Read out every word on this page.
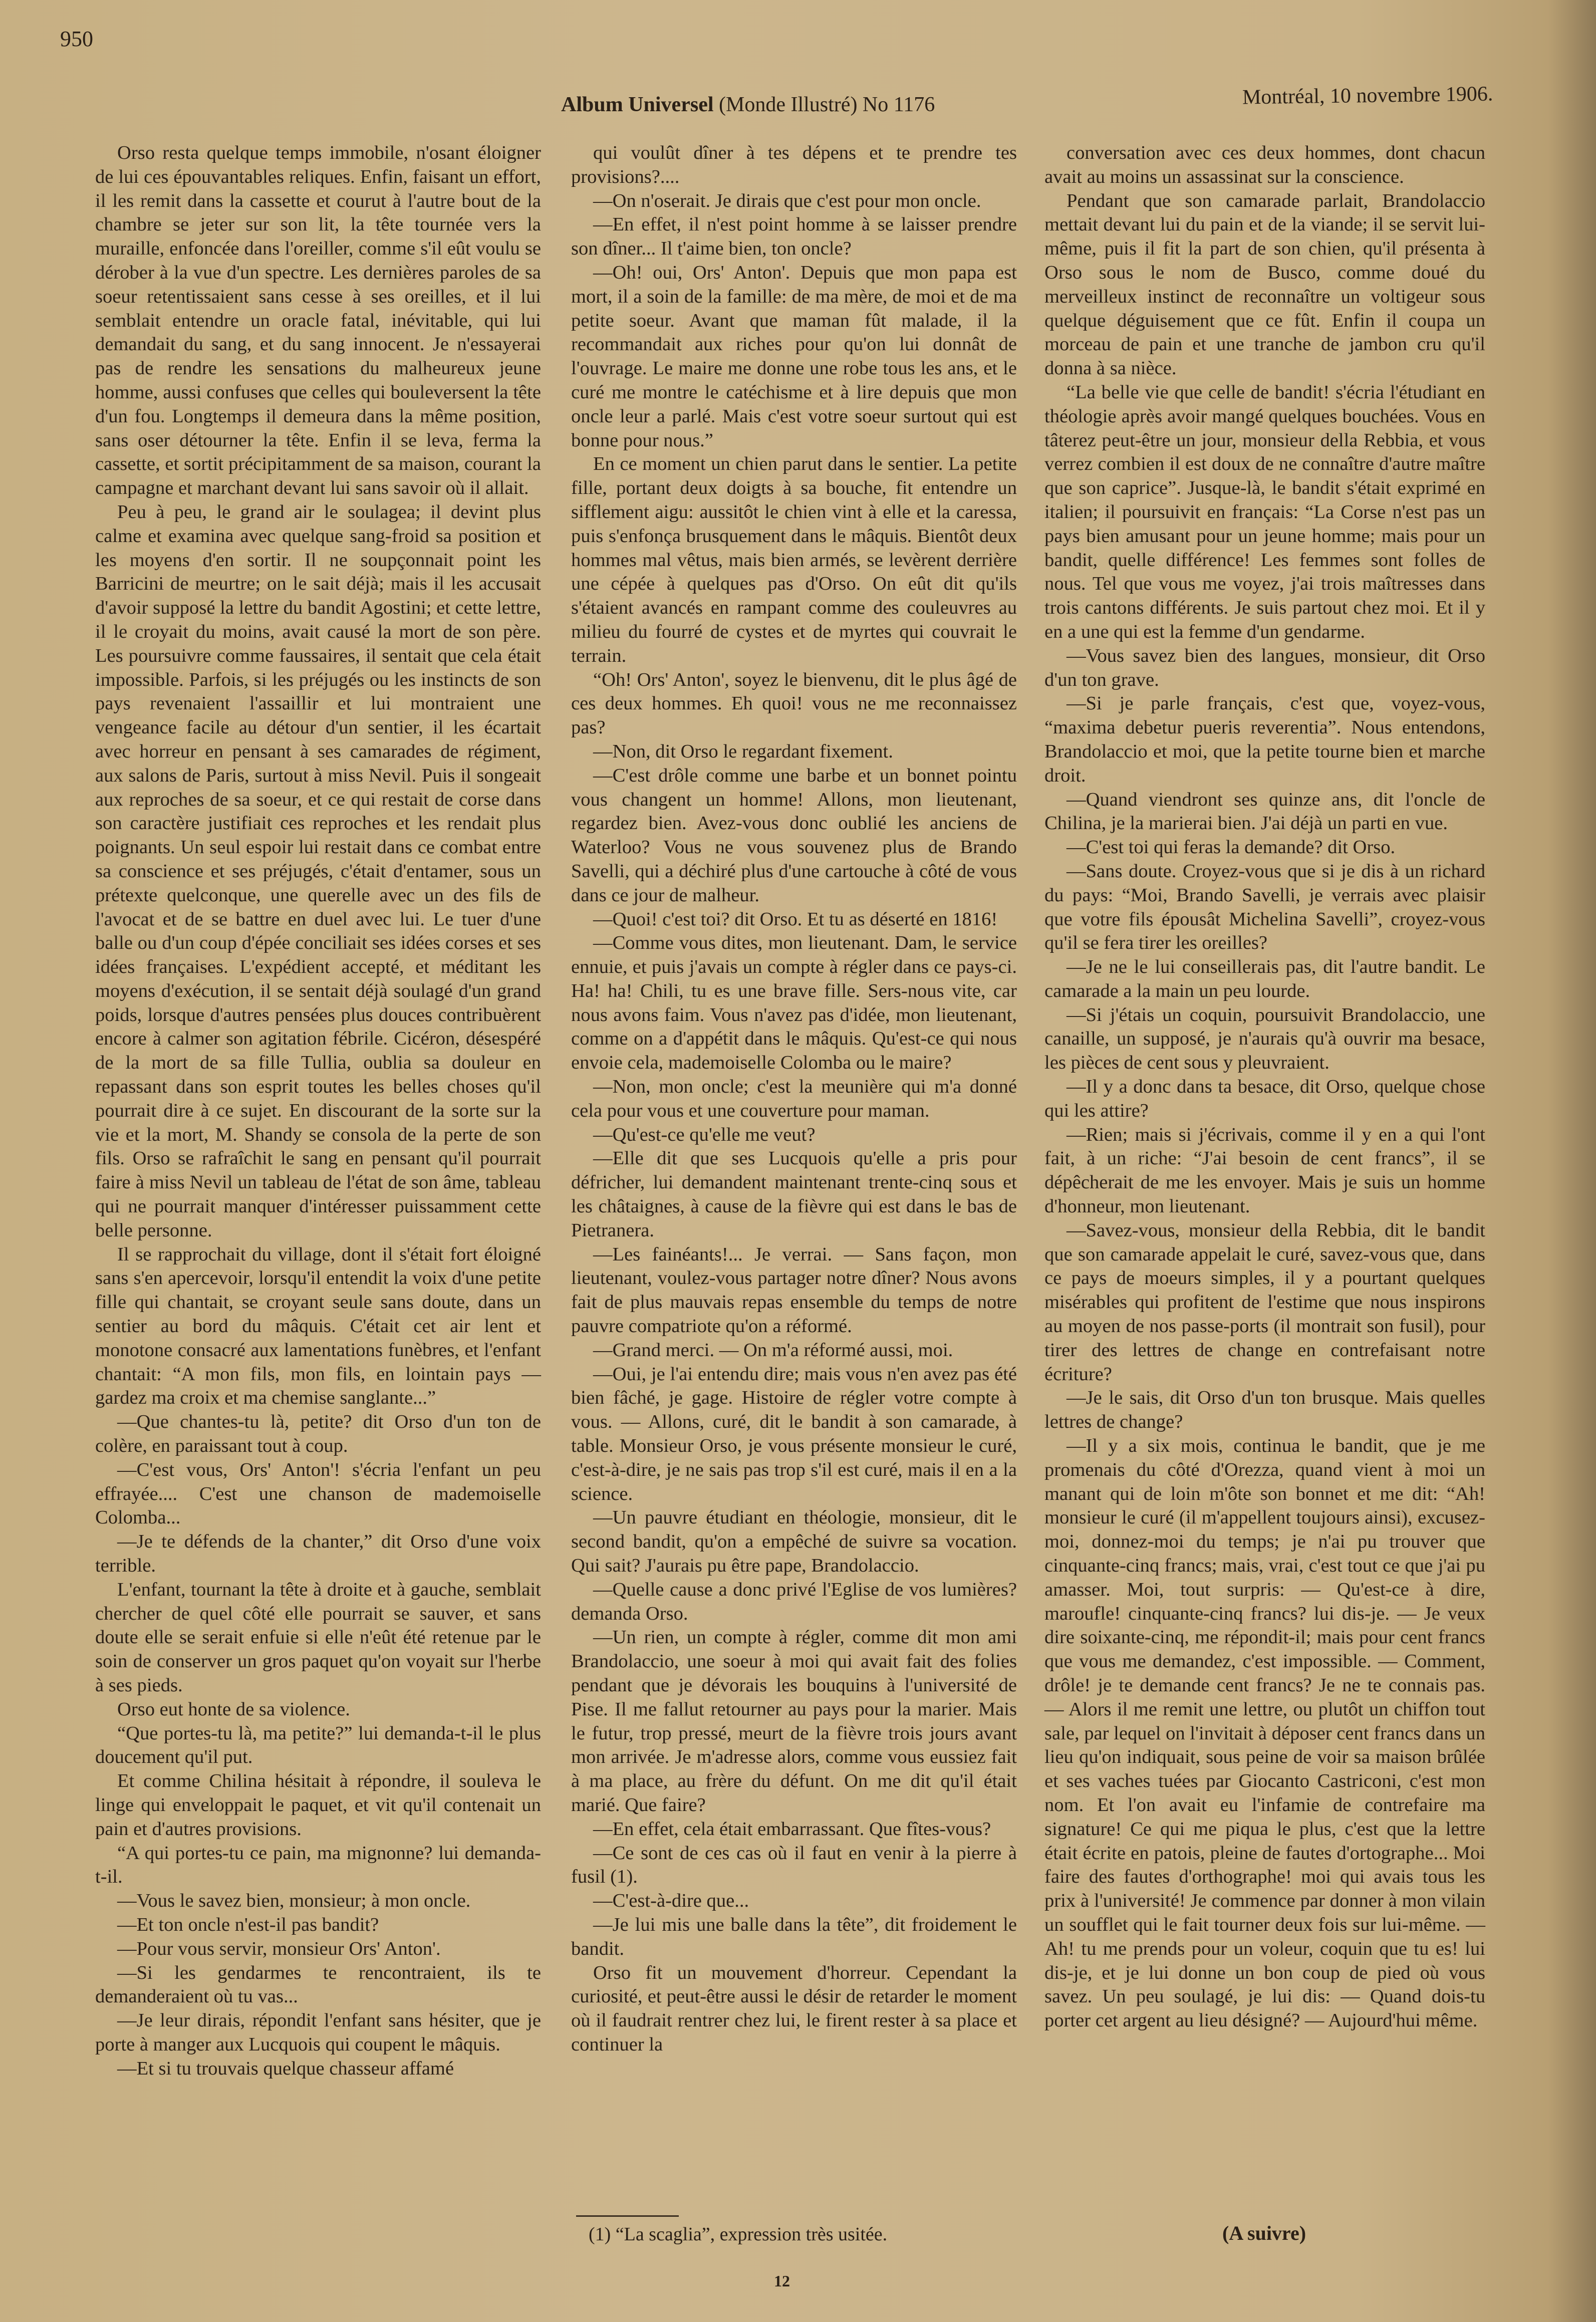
950
Album Universel (Monde Illustré) No 1176	Montréal, 10 novembre 1906.

Orso resta quelque temps immobile, n'osant éloigner de lui ces épouvantables reliques. Enfin, faisant un effort, il les remit dans la cassette et courut à l'autre bout de la chambre se jeter sur son lit, la tête tournée vers la muraille, enfoncée dans l'oreiller, comme s'il eût voulu se dérober à la vue d'un spectre. Les dernières paroles de sa soeur retentissaient sans cesse à ses oreilles, et il lui semblait entendre un oracle fatal, inévitable, qui lui demandait du sang, et du sang innocent. Je n'essayerai pas de rendre les sensations du malheureux jeune homme, aussi confuses que celles qui bouleversent la tête d'un fou. Longtemps il demeura dans la même position, sans oser détourner la tête. Enfin il se leva, ferma la cassette, et sortit précipitamment de sa maison, courant la campagne et marchant devant lui sans savoir où il allait.

Peu à peu, le grand air le soulagea; il devint plus calme et examina avec quelque sang-froid sa position et les moyens d'en sortir. Il ne soupçonnait point les Barricini de meurtre; on le sait déjà; mais il les accusait d'avoir supposé la lettre du bandit Agostini; et cette lettre, il le croyait du moins, avait causé la mort de son père. Les poursuivre comme faussaires, il sentait que cela était impossible. Parfois, si les préjugés ou les instincts de son pays revenaient l'assaillir et lui montraient une vengeance facile au détour d'un sentier, il les écartait avec horreur en pensant à ses camarades de régiment, aux salons de Paris, surtout à miss Nevil. Puis il songeait aux reproches de sa soeur, et ce qui restait de corse dans son caractère justifiait ces reproches et les rendait plus poignants. Un seul espoir lui restait dans ce combat entre sa conscience et ses préjugés, c'était d'entamer, sous un prétexte quelconque, une querelle avec un des fils de l'avocat et de se battre en duel avec lui. Le tuer d'une balle ou d'un coup d'épée conciliait ses idées corses et ses idées françaises. L'expédient accepté, et méditant les moyens d'exécution, il se sentait déjà soulagé d'un grand poids, lorsque d'autres pensées plus douces contribuèrent encore à calmer son agitation fébrile. Cicéron, désespéré de la mort de sa fille Tullia, oublia sa douleur en repassant dans son esprit toutes les belles choses qu'il pourrait dire à ce sujet. En discourant de la sorte sur la vie et la mort, M. Shandy se consola de la perte de son fils. Orso se rafraîchit le sang en pensant qu'il pourrait faire à miss Nevil un tableau de l'état de son âme, tableau qui ne pourrait manquer d'intéresser puissamment cette belle personne.

Il se rapprochait du village, dont il s'était fort éloigné sans s'en apercevoir, lorsqu'il entendit la voix d'une petite fille qui chantait, se croyant seule sans doute, dans un sentier au bord du mâquis. C'était cet air lent et monotone consacré aux lamentations funèbres, et l'enfant chantait: “A mon fils, mon fils, en lointain pays — gardez ma croix et ma chemise sanglante...”

—Que chantes-tu là, petite? dit Orso d'un ton de colère, en paraissant tout à coup.

—C'est vous, Ors' Anton'! s'écria l'enfant un peu effrayée.... C'est une chanson de mademoiselle Colomba...

—Je te défends de la chanter,” dit Orso d'une voix terrible.

L'enfant, tournant la tête à droite et à gauche, semblait chercher de quel côté elle pourrait se sauver, et sans doute elle se serait enfuie si elle n'eût été retenue par le soin de conserver un gros paquet qu'on voyait sur l'herbe à ses pieds.

Orso eut honte de sa violence.

“Que portes-tu là, ma petite?” lui demanda-t-il le plus doucement qu'il put.

Et comme Chilina hésitait à répondre, il souleva le linge qui enveloppait le paquet, et vit qu'il contenait un pain et d'autres provisions.

“A qui portes-tu ce pain, ma mignonne? lui demanda-t-il.

—Vous le savez bien, monsieur; à mon oncle.

—Et ton oncle n'est-il pas bandit?

—Pour vous servir, monsieur Ors' Anton'.

—Si les gendarmes te rencontraient, ils te demanderaient où tu vas...

—Je leur dirais, répondit l'enfant sans hésiter, que je porte à manger aux Lucquois qui coupent le mâquis.

—Et si tu trouvais quelque chasseur affamé

qui voulût dîner à tes dépens et te prendre tes provisions?....

—On n'oserait. Je dirais que c'est pour mon oncle.

—En effet, il n'est point homme à se laisser prendre son dîner... Il t'aime bien, ton oncle?

—Oh! oui, Ors' Anton'. Depuis que mon papa est mort, il a soin de la famille: de ma mère, de moi et de ma petite soeur. Avant que maman fût malade, il la recommandait aux riches pour qu'on lui donnât de l'ouvrage. Le maire me donne une robe tous les ans, et le curé me montre le catéchisme et à lire depuis que mon oncle leur a parlé. Mais c'est votre soeur surtout qui est bonne pour nous.”

En ce moment un chien parut dans le sentier. La petite fille, portant deux doigts à sa bouche, fit entendre un sifflement aigu: aussitôt le chien vint à elle et la caressa, puis s'enfonça brusquement dans le mâquis. Bientôt deux hommes mal vêtus, mais bien armés, se levèrent derrière une cépée à quelques pas d'Orso. On eût dit qu'ils s'étaient avancés en rampant comme des couleuvres au milieu du fourré de cystes et de myrtes qui couvrait le terrain.

“Oh! Ors' Anton', soyez le bienvenu, dit le plus âgé de ces deux hommes. Eh quoi! vous ne me reconnaissez pas?

—Non, dit Orso le regardant fixement.

—C'est drôle comme une barbe et un bonnet pointu vous changent un homme! Allons, mon lieutenant, regardez bien. Avez-vous donc oublié les anciens de Waterloo? Vous ne vous souvenez plus de Brando Savelli, qui a déchiré plus d'une cartouche à côté de vous dans ce jour de malheur.

—Quoi! c'est toi? dit Orso. Et tu as déserté en 1816!

—Comme vous dites, mon lieutenant. Dam, le service ennuie, et puis j'avais un compte à régler dans ce pays-ci. Ha! ha! Chili, tu es une brave fille. Sers-nous vite, car nous avons faim. Vous n'avez pas d'idée, mon lieutenant, comme on a d'appétit dans le mâquis. Qu'est-ce qui nous envoie cela, mademoiselle Colomba ou le maire?

—Non, mon oncle; c'est la meunière qui m'a donné cela pour vous et une couverture pour maman.

—Qu'est-ce qu'elle me veut?

—Elle dit que ses Lucquois qu'elle a pris pour défricher, lui demandent maintenant trente-cinq sous et les châtaignes, à cause de la fièvre qui est dans le bas de Pietranera.

—Les fainéants!... Je verrai. — Sans façon, mon lieutenant, voulez-vous partager notre dîner? Nous avons fait de plus mauvais repas ensemble du temps de notre pauvre compatriote qu'on a réformé.

—Grand merci. — On m'a réformé aussi, moi.

—Oui, je l'ai entendu dire; mais vous n'en avez pas été bien fâché, je gage. Histoire de régler votre compte à vous. — Allons, curé, dit le bandit à son camarade, à table. Monsieur Orso, je vous présente monsieur le curé, c'est-à-dire, je ne sais pas trop s'il est curé, mais il en a la science.

—Un pauvre étudiant en théologie, monsieur, dit le second bandit, qu'on a empêché de suivre sa vocation. Qui sait? J'aurais pu être pape, Brandolaccio.

—Quelle cause a donc privé l'Eglise de vos lumières? demanda Orso.

—Un rien, un compte à régler, comme dit mon ami Brandolaccio, une soeur à moi qui avait fait des folies pendant que je dévorais les bouquins à l'université de Pise. Il me fallut retourner au pays pour la marier. Mais le futur, trop pressé, meurt de la fièvre trois jours avant mon arrivée. Je m'adresse alors, comme vous eussiez fait à ma place, au frère du défunt. On me dit qu'il était marié. Que faire?

—En effet, cela était embarrassant. Que fîtes-vous?

—Ce sont de ces cas où il faut en venir à la pierre à fusil (1).

—C'est-à-dire que...

—Je lui mis une balle dans la tête”, dit froidement le bandit.

Orso fit un mouvement d'horreur. Cependant la curiosité, et peut-être aussi le désir de retarder le moment où il faudrait rentrer chez lui, le firent rester à sa place et continuer la

conversation avec ces deux hommes, dont chacun avait au moins un assassinat sur la conscience.

Pendant que son camarade parlait, Brandolaccio mettait devant lui du pain et de la viande; il se servit lui-même, puis il fit la part de son chien, qu'il présenta à Orso sous le nom de Busco, comme doué du merveilleux instinct de reconnaître un voltigeur sous quelque déguisement que ce fût. Enfin il coupa un morceau de pain et une tranche de jambon cru qu'il donna à sa nièce.

“La belle vie que celle de bandit! s'écria l'étudiant en théologie après avoir mangé quelques bouchées. Vous en tâterez peut-être un jour, monsieur della Rebbia, et vous verrez combien il est doux de ne connaître d'autre maître que son caprice”. Jusque-là, le bandit s'était exprimé en italien; il poursuivit en français: “La Corse n'est pas un pays bien amusant pour un jeune homme; mais pour un bandit, quelle différence! Les femmes sont folles de nous. Tel que vous me voyez, j'ai trois maîtresses dans trois cantons différents. Je suis partout chez moi. Et il y en a une qui est la femme d'un gendarme.

—Vous savez bien des langues, monsieur, dit Orso d'un ton grave.

—Si je parle français, c'est que, voyez-vous, “maxima debetur pueris reverentia”. Nous entendons, Brandolaccio et moi, que la petite tourne bien et marche droit.

—Quand viendront ses quinze ans, dit l'oncle de Chilina, je la marierai bien. J'ai déjà un parti en vue.

—C'est toi qui feras la demande? dit Orso.

—Sans doute. Croyez-vous que si je dis à un richard du pays: “Moi, Brando Savelli, je verrais avec plaisir que votre fils épousât Michelina Savelli”, croyez-vous qu'il se fera tirer les oreilles?

—Je ne le lui conseillerais pas, dit l'autre bandit. Le camarade a la main un peu lourde.

—Si j'étais un coquin, poursuivit Brandolaccio, une canaille, un supposé, je n'aurais qu'à ouvrir ma besace, les pièces de cent sous y pleuvraient.

—Il y a donc dans ta besace, dit Orso, quelque chose qui les attire?

—Rien; mais si j'écrivais, comme il y en a qui l'ont fait, à un riche: “J'ai besoin de cent francs”, il se dépêcherait de me les envoyer. Mais je suis un homme d'honneur, mon lieutenant.

—Savez-vous, monsieur della Rebbia, dit le bandit que son camarade appelait le curé, savez-vous que, dans ce pays de moeurs simples, il y a pourtant quelques misérables qui profitent de l'estime que nous inspirons au moyen de nos passe-ports (il montrait son fusil), pour tirer des lettres de change en contrefaisant notre écriture?

—Je le sais, dit Orso d'un ton brusque. Mais quelles lettres de change?

—Il y a six mois, continua le bandit, que je me promenais du côté d'Orezza, quand vient à moi un manant qui de loin m'ôte son bonnet et me dit: “Ah! monsieur le curé (il m'appellent toujours ainsi), excusez-moi, donnez-moi du temps; je n'ai pu trouver que cinquante-cinq francs; mais, vrai, c'est tout ce que j'ai pu amasser. Moi, tout surpris: — Qu'est-ce à dire, maroufle! cinquante-cinq francs? lui dis-je. — Je veux dire soixante-cinq, me répondit-il; mais pour cent francs que vous me demandez, c'est impossible. — Comment, drôle! je te demande cent francs? Je ne te connais pas. — Alors il me remit une lettre, ou plutôt un chiffon tout sale, par lequel on l'invitait à déposer cent francs dans un lieu qu'on indiquait, sous peine de voir sa maison brûlée et ses vaches tuées par Giocanto Castriconi, c'est mon nom. Et l'on avait eu l'infamie de contrefaire ma signature! Ce qui me piqua le plus, c'est que la lettre était écrite en patois, pleine de fautes d'ortographe... Moi faire des fautes d'orthographe! moi qui avais tous les prix à l'université! Je commence par donner à mon vilain un soufflet qui le fait tourner deux fois sur lui-même. — Ah! tu me prends pour un voleur, coquin que tu es! lui dis-je, et je lui donne un bon coup de pied où vous savez. Un peu soulagé, je lui dis: — Quand dois-tu porter cet argent au lieu désigné? — Aujourd'hui même.

(1) “La scaglia”, expression très usitée.	(A suivre)
12
